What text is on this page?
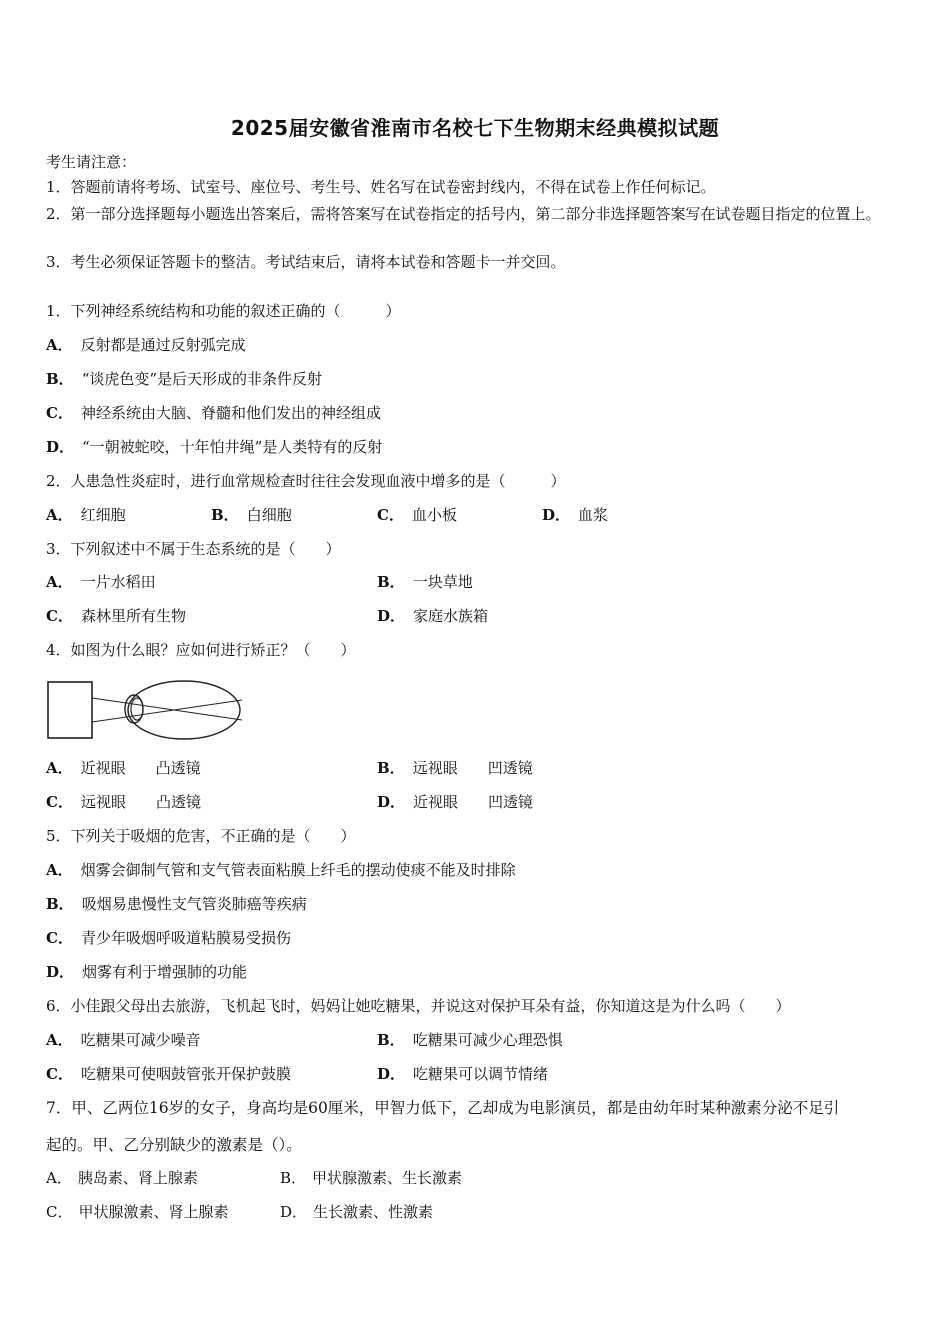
2025届安徽省淮南市名校七下生物期末经典模拟试题
考生请注意：
1．答题前请将考场、试室号、座位号、考生号、姓名写在试卷密封线内，不得在试卷上作任何标记。
2．第一部分选择题每小题选出答案后，需将答案写在试卷指定的括号内，第二部分非选择题答案写在试卷题目指定的位置上。
3．考生必须保证答题卡的整洁。考试结束后，请将本试卷和答题卡一并交回。
1．下列神经系统结构和功能的叙述正确的（　　　）
A． 反射都是通过反射弧完成
B． “谈虎色变”是后天形成的非条件反射
C． 神经系统由大脑、脊髓和他们发出的神经组成
D． “一朝被蛇咬，十年怕井绳”是人类特有的反射
2．人患急性炎症时，进行血常规检查时往往会发现血液中增多的是（　　　）
A． 红细胞	B． 白细胞	C． 血小板	D． 血浆
3．下列叙述中不属于生态系统的是（　　）
A． 一片水稻田	B． 一块草地
C． 森林里所有生物	D． 家庭水族箱
4．如图为什么眼？应如何进行矫正？（　　）
A． 近视眼 凸透镜	B． 远视眼 凹透镜
C． 远视眼 凸透镜	D． 近视眼 凹透镜
5．下列关于吸烟的危害，不正确的是（　　）
A． 烟雾会御制气管和支气管表面粘膜上纤毛的摆动使痰不能及时排除
B． 吸烟易患慢性支气管炎肺癌等疾病
C． 青少年吸烟呼吸道粘膜易受损伤
D． 烟雾有利于增强肺的功能
6．小佳跟父母出去旅游，飞机起飞时，妈妈让她吃糖果，并说这对保护耳朵有益，你知道这是为什么吗（　　）
A． 吃糖果可减少噪音	B． 吃糖果可减少心理恐惧
C． 吃糖果可使咽鼓管张开保护鼓膜	D． 吃糖果可以调节情绪
7．甲、乙两位16岁的女子，身高均是60厘米，甲智力低下，乙却成为电影演员，都是由幼年时某种激素分泌不足引
起的。甲、乙分别缺少的激素是（）。
A． 胰岛素、肾上腺素	B． 甲状腺激素、生长激素
C． 甲状腺激素、肾上腺素	D． 生长激素、性激素
